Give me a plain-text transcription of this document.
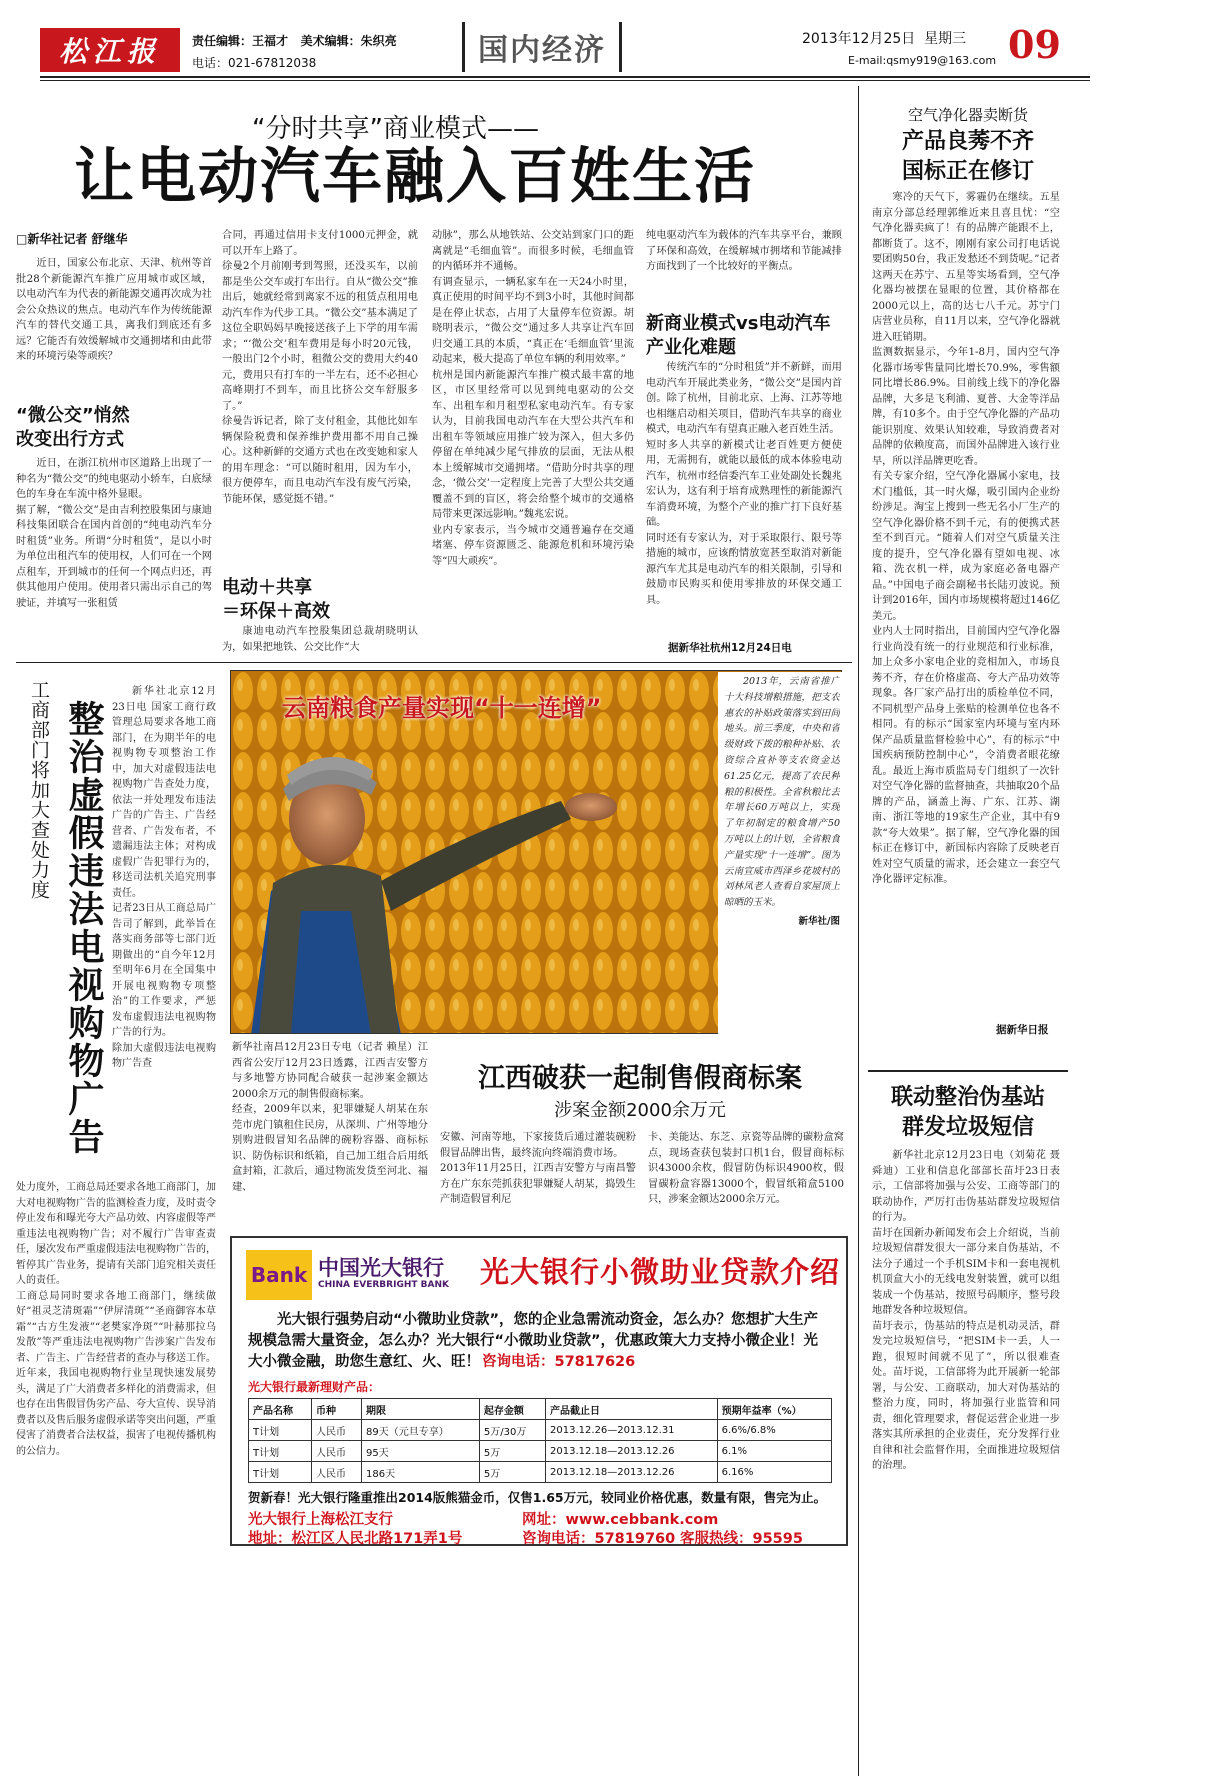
松江报	责任编辑：王福才 美术编辑：朱织亮
电话：021-67812038	国内经济	2013年12月25日 星期三
E-mail:qsmy919@163.com 09
“分时共享”商业模式——
让电动汽车融入百姓生活
□新华社记者 舒继华
近日，国家公布北京、天津、杭州等首批28个新能源汽车推广应用城市或区域，以电动汽车为代表的新能源交通再次成为社会公众热议的焦点。电动汽车作为传统能源汽车的替代交通工具，离我们到底还有多远？它能否有效缓解城市交通拥堵和由此带来的环境污染等顽疾？
“微公交”悄然
改变出行方式
近日，在浙江杭州市区道路上出现了一种名为“微公交”的纯电驱动小轿车，白底绿色的车身在车流中格外显眼。
据了解，“微公交”是由吉利控股集团与康迪科技集团联合在国内首创的“纯电动汽车分时租赁”业务。所谓“分时租赁”，是以小时为单位出租汽车的使用权，人们可在一个网点租车，开到城市的任何一个网点归还，再供其他用户使用。使用者只需出示自己的驾驶证，并填写一张租赁
合同，再通过信用卡支付1000元押金，就可以开车上路了。
徐曼2个月前刚考到驾照，还没买车，以前都是坐公交车或打车出行。自从“微公交”推出后，她就经常到离家不远的租赁点租用电动汽车作为代步工具。“微公交”基本满足了这位全职妈妈早晚接送孩子上下学的用车需求；“‘微公交’租车费用是每小时20元钱，一般出门2个小时，租微公交的费用大约40元，费用只有打车的一半左右，还不必担心高峰期打不到车，而且比挤公交车舒服多了。”
徐曼告诉记者，除了支付租金，其他比如车辆保险税费和保养维护费用都不用自己操心。这种新鲜的交通方式也在改变她和家人的用车理念：“可以随时租用，因为车小，很方便停车，而且电动汽车没有废气污染，节能环保，感觉挺不错。”
电动＋共享
＝环保＋高效
康迪电动汽车控股集团总裁胡晓明认为，如果把地铁、公交比作“大
动脉”，那么从地铁站、公交站到家门口的距离就是“毛细血管”。而很多时候，毛细血管的内循环并不通畅。
有调查显示，一辆私家车在一天24小时里，真正使用的时间平均不到3小时，其他时间都是在停止状态，占用了大量停车位资源。胡晓明表示，“微公交”通过多人共享让汽车回归交通工具的本质，“真正在‘毛细血管’里流动起来，极大提高了单位车辆的利用效率。”
杭州是国内新能源汽车推广模式最丰富的地区，市区里经常可以见到纯电驱动的公交车、出租车和月租型私家电动汽车。有专家认为，目前我国电动汽车在大型公共汽车和出租车等领域应用推广较为深入，但大多仍停留在单纯减少尾气排放的层面，无法从根本上缓解城市交通拥堵。“借助分时共享的理念，‘微公交’一定程度上完善了大型公共交通覆盖不到的盲区，将会给整个城市的交通格局带来更深远影响。”魏兆宏说。
业内专家表示，当今城市交通普遍存在交通堵塞、停车资源匮乏、能源危机和环境污染等“四大顽疾”。
纯电驱动汽车为载体的汽车共享平台，兼顾了环保和高效，在缓解城市拥堵和节能减排方面找到了一个比较好的平衡点。
新商业模式vs电动汽车
产业化难题
传统汽车的“分时租赁”并不新鲜，而用电动汽车开展此类业务，“微公交”是国内首创。除了杭州，目前北京、上海、江苏等地也相继启动相关项目，借助汽车共享的商业模式，电动汽车有望真正融入老百姓生活。
短时多人共享的新模式让老百姓更方便使用，无需拥有，就能以最低的成本体验电动汽车，杭州市经信委汽车工业处副处长魏兆宏认为，这有利于培育成熟理性的新能源汽车消费环境，为整个产业的推广打下良好基础。
同时还有专家认为，对于采取限行、限号等措施的城市，应该酌情放宽甚至取消对新能源汽车尤其是电动汽车的相关限制，引导和鼓励市民购买和使用零排放的环保交通工具。
据新华社杭州12月24日电
空气净化器卖断货
产品良莠不齐
国标正在修订
寒冷的天气下，雾霾仍在继续。五星南京分部总经理郭维近来且喜且忧：“空气净化器卖疯了！有的品牌产能跟不上，都断货了。这不，刚刚有家公司打电话说要团购50台，我正发愁还不到货呢。”记者这两天在苏宁、五星等实场看到，空气净化器均被摆在显眼的位置，其价格都在2000元以上，高的达七八千元。苏宁门店营业员称，自11月以来，空气净化器就进入旺销期。
监测数据显示，今年1-8月，国内空气净化器市场零售量同比增长70.9%，零售额同比增长86.9%。目前线上线下的净化器品牌，大多是飞利浦、夏普、大金等洋品牌，有10多个。由于空气净化器的产品功能识别度、效果认知较难，导致消费者对品牌的依赖度高，而国外品牌进入该行业早，所以洋品牌更吃香。
有关专家介绍，空气净化器属小家电，技术门槛低，其一时火爆，吸引国内企业纷纷涉足。淘宝上搜到一些无名小厂生产的空气净化器价格不到千元，有的便携式甚至不到百元。“随着人们对空气质量关注度的提升，空气净化器有望如电视、冰箱、洗衣机一样，成为家庭必备电器产品。”中国电子商会副秘书长陆刃波说。预计到2016年，国内市场规模将超过146亿美元。
业内人士同时指出，目前国内空气净化器行业尚没有统一的行业规范和行业标准，加上众多小家电企业的竞相加入，市场良莠不齐，存在价格虚高、夸大产品功效等现象。各厂家产品打出的质检单位不同，不同机型产品身上张贴的检测单位也各不相同。有的标示“国家室内环境与室内环保产品质量监督检验中心”，有的标示“中国疾病预防控制中心”，令消费者眼花缭乱。最近上海市质监局专门组织了一次针对空气净化器的监督抽查，共抽取20个品牌的产品，涵盖上海、广东、江苏、湖南、浙江等地的19家生产企业，其中有9款“夸大效果”。据了解，空气净化器的国标正在修订中，新国标内容除了反映老百姓对空气质量的需求，还会建立一套空气净化器评定标准。
据新华日报
联动整治伪基站
群发垃圾短信
新华社北京12月23日电（刘菊花 聂舜迪）工业和信息化部部长苗圩23日表示，工信部将加强与公安、工商等部门的联动协作，严厉打击伪基站群发垃圾短信的行为。
苗圩在国新办新闻发布会上介绍说，当前垃圾短信群发很大一部分来自伪基站，不法分子通过一个手机SIM卡和一套电视机机顶盒大小的无线电发射装置，就可以组装成一个伪基站，按照号码顺序，整号段地群发各种垃圾短信。
苗圩表示，伪基站的特点是机动灵活，群发完垃圾短信号，“把SIM卡一丢，人一跑，很短时间就不见了”，所以很难查处。苗圩说，工信部将为此开展新一轮部署，与公安、工商联动，加大对伪基站的整治力度，同时，将加强行业监管和同责，细化管理要求，督促运营企业进一步落实其所承担的企业责任，充分发挥行业自律和社会监督作用，全面推进垃圾短信的治理。
工商部门将加大查处力度 整治虚假违法电视购物广告
新华社北京12月23日电 国家工商行政管理总局要求各地工商部门，在为期半年的电视购物专项整治工作中，加大对虚假违法电视购物广告查处力度，依法一并处理发布违法广告的广告主、广告经营者、广告发布者，不遗漏违法主体；对构成虚假广告犯罪行为的，移送司法机关追究刑事责任。
记者23日从工商总局广告司了解到，此举旨在落实商务部等七部门近期做出的“自今年12月至明年6月在全国集中开展电视购物专项整治”的工作要求，严惩发布虚假违法电视购物广告的行为。
除加大虚假违法电视购物广告查
处力度外，工商总局还要求各地工商部门，加大对电视购物广告的监测检查力度，及时责令停止发布和曝光夸大产品功效、内容虚假等严重违法电视购物广告；对不履行广告审查责任，屡次发布严重虚假违法电视购物广告的，暂停其广告业务，提请有关部门追究相关责任人的责任。
工商总局同时要求各地工商部门，继续做好“祖灵芝清斑霜”“伊屏清斑”“圣商御容本草霜”“古方生发液”“老樊家净斑”“叶赫那拉乌发散”等严重违法电视购物广告涉案广告发布者、广告主、广告经营者的查办与移送工作。
近年来，我国电视购物行业呈现快速发展势头，满足了广大消费者多样化的消费需求，但也存在出售假冒伪劣产品、夸大宣传、误导消费者以及售后服务虚假承诺等突出问题，严重侵害了消费者合法权益，损害了电视传播机构的公信力。
云南粮食产量实现“十一连增”
2013年，云南省推广十大科技增粮措施，把支农惠农的补贴政策落实到田间地头。前三季度，中央和省级财政下拨的粮种补贴、农资综合直补等支农资金达61.25亿元，提高了农民种粮的积极性。全省秋粮比去年增长60万吨以上，实现了年初制定的粮食增产50万吨以上的计划，全省粮食产量实现“十一连增”。图为云南宣威市西泽乡花坡村的刘林凤老人查看自家屋顶上晾晒的玉米。
新华社/图
新华社南昌12月23日专电（记者 赖星）江西省公安厅12月23日透露，江西吉安警方与多地警方协同配合破获一起涉案金额达2000余万元的制售假商标案。
经查，2009年以来，犯罪嫌疑人胡某在东莞市虎门镇租住民房，从深圳、广州等地分别购进假冒知名品牌的碗粉容器、商标标识、防伪标识和纸箱，自己加工组合后用纸盒封箱，汇款后，通过物流发货至河北、福建、
江西破获一起制售假商标案
涉案金额2000余万元
安徽、河南等地，下家接货后通过灌装碗粉假冒品牌出售，最终流向终端消费市场。
2013年11月25日，江西吉安警方与南昌警方在广东东莞抓获犯罪嫌疑人胡某，捣毁生产制造假冒利尼
卡、美能达、东芝、京瓷等品牌的碳粉盒窝点，现场查获包装封口机1台，假冒商标标识43000余枚，假冒防伪标识4900枚，假冒碳粉盒容器13000个，假冒纸箱盒5100只，涉案金额达2000余万元。
Bank 中国光大银行
CHINA EVERBRIGHT BANK 光大银行小微助业贷款介绍
光大银行强势启动“小微助业贷款”，您的企业急需流动资金，怎么办？您想扩大生产规模急需大量资金，怎么办？光大银行“小微助业贷款”，优惠政策大力支持小微企业！光大小微金融，助您生意红、火、旺！ 咨询电话：57817626
光大银行最新理财产品：
产品名称	币种	期限	起存金额	产品截止日	预期年益率（%）
T计划	人民币	89天（元旦专享）	5万/30万	2013.12.26—2013.12.31	6.6%/6.8%
T计划	人民币	95天	5万	2013.12.18—2013.12.26	6.1%
T计划	人民币	186天	5万	2013.12.18—2013.12.26	6.16%
贺新春！光大银行隆重推出2014版熊猫金币，仅售1.65万元，较同业价格优惠，数量有限，售完为止。
光大银行上海松江支行	网址：www.cebbank.com
地址：松江区人民北路171弄1号	咨询电话：57819760 客服热线：95595
